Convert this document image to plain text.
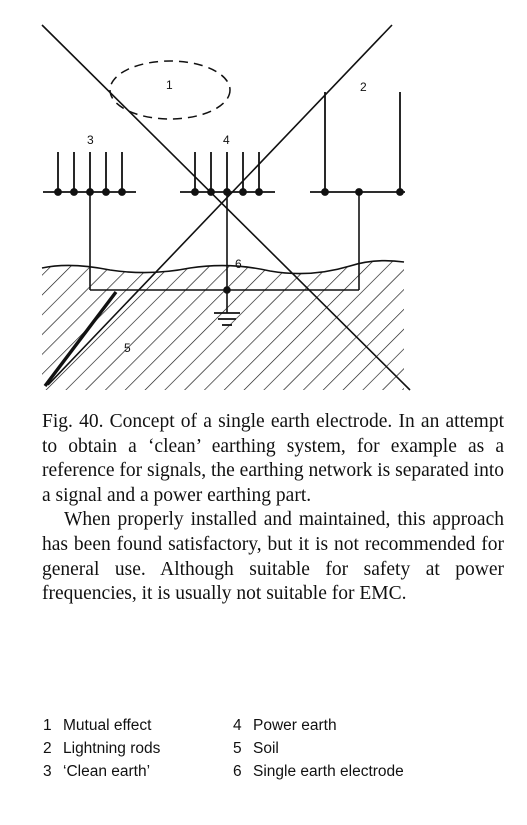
1	2
3	4
5
6

Fig. 40. Concept of a single earth electrode. In an attempt to obtain a ‘clean’ earthing system, for example as a reference for signals, the earthing network is separated into a signal and a power earthing part.

When properly installed and maintained, this approach has been found satisfactory, but it is not recommended for general use. Although suitable for safety at power frequencies, it is usually not suitable for EMC.

1 Mutual effect	4 Power earth
2 Lightning rods	5 Soil
3 ‘Clean earth’	6 Single earth electrode
